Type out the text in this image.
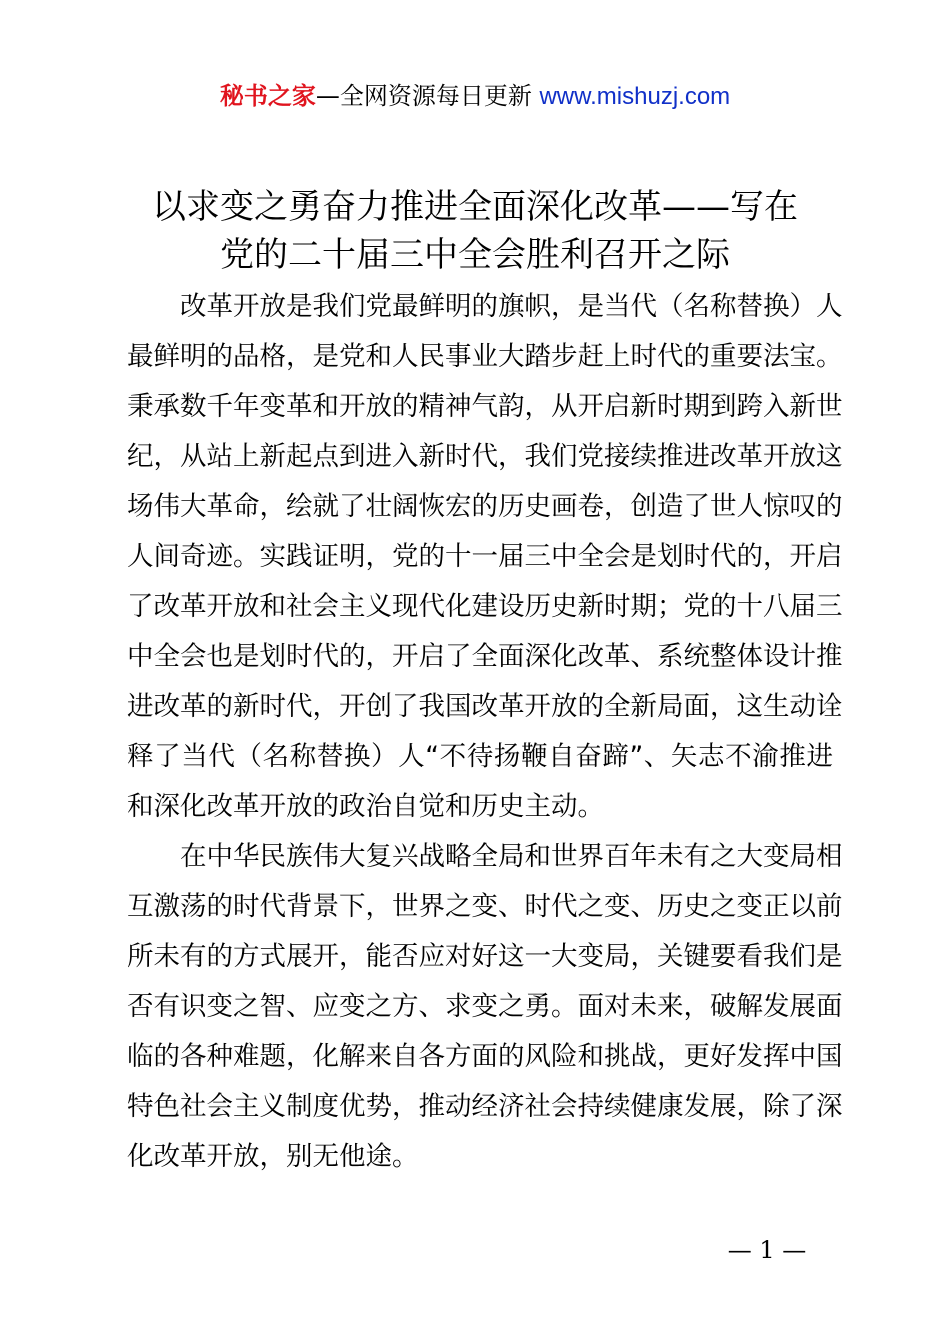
秘书之家—全网资源每日更新 www.mishuzj.com
以求变之勇奋力推进全面深化改革——写在
党的二十届三中全会胜利召开之际
改革开放是我们党最鲜明的旗帜，是当代（名称替换）人
最鲜明的品格，是党和人民事业大踏步赶上时代的重要法宝。
秉承数千年变革和开放的精神气韵，从开启新时期到跨入新世
纪，从站上新起点到进入新时代，我们党接续推进改革开放这
场伟大革命，绘就了壮阔恢宏的历史画卷，创造了世人惊叹的
人间奇迹。实践证明，党的十一届三中全会是划时代的，开启
了改革开放和社会主义现代化建设历史新时期；党的十八届三
中全会也是划时代的，开启了全面深化改革、系统整体设计推
进改革的新时代，开创了我国改革开放的全新局面，这生动诠
释了当代（名称替换）人“不待扬鞭自奋蹄”、矢志不渝推进
和深化改革开放的政治自觉和历史主动。
在中华民族伟大复兴战略全局和世界百年未有之大变局相
互激荡的时代背景下，世界之变、时代之变、历史之变正以前
所未有的方式展开，能否应对好这一大变局，关键要看我们是
否有识变之智、应变之方、求变之勇。面对未来，破解发展面
临的各种难题，化解来自各方面的风险和挑战，更好发挥中国
特色社会主义制度优势，推动经济社会持续健康发展，除了深
化改革开放，别无他途。
— 1 —
